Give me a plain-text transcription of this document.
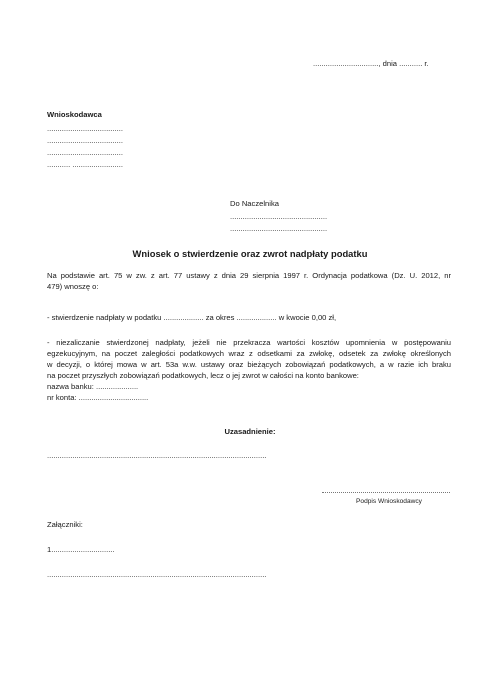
..............................., dnia ........... r.
Wnioskodawca
....................................
....................................
....................................
........... ........................
Do Naczelnika
..............................................
..............................................
Wniosek o stwierdzenie oraz zwrot nadpłaty podatku
Na podstawie art. 75 w zw. z art. 77 ustawy z dnia 29 sierpnia 1997 r. Ordynacja podatkowa (Dz. U. 2012, nr
479) wnoszę o:
- stwierdzenie nadpłaty w podatku ................... za okres ................... w kwocie 0,00 zł,
- niezaliczanie stwierdzonej nadpłaty, jeżeli nie przekracza wartości kosztów upomnienia w postępowaniu
egzekucyjnym, na poczet zaległości podatkowych wraz z odsetkami za zwłokę, odsetek za zwłokę określonych
w decyzji, o której mowa w art. 53a w.w. ustawy oraz bieżących zobowiązań podatkowych, a w razie ich braku
na poczet przyszłych zobowiązań podatkowych, lecz o jej zwrot w całości na konto bankowe:
nazwa banku: ....................
nr konta: .................................
Uzasadnienie:
........................................................................................................
Podpis Wnioskodawcy
Załączniki:
1..............................
........................................................................................................
